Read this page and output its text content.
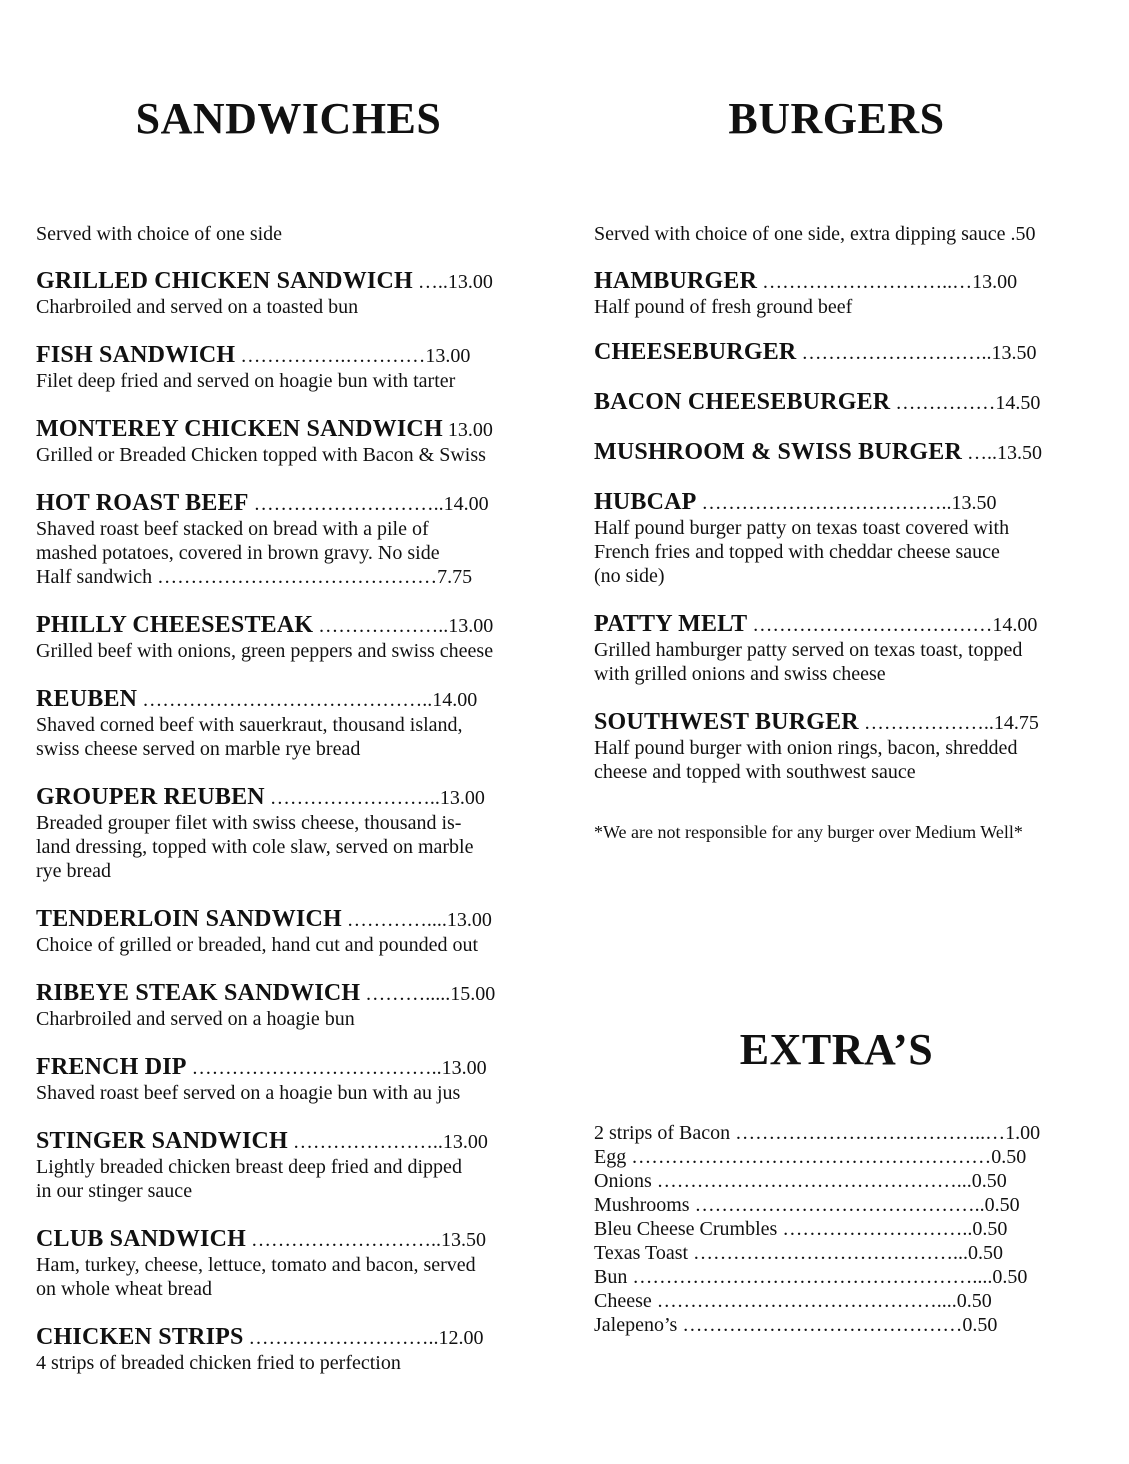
SANDWICHES
Served with choice of one side
GRILLED CHICKEN SANDWICH …..13.00
Charbroiled and served on a toasted bun
FISH SANDWICH …………….…………13.00
Filet deep fried and served on hoagie bun with tarter
MONTEREY CHICKEN SANDWICH 13.00
Grilled or Breaded Chicken topped with Bacon & Swiss
HOT ROAST BEEF ………………………..14.00
Shaved roast beef stacked on bread with a pile of
mashed potatoes, covered in brown gravy. No side
Half sandwich ……………………………………7.75
PHILLY CHEESESTEAK ………………..13.00
Grilled beef with onions, green peppers and swiss cheese
REUBEN ……………………………………..14.00
Shaved corned beef with sauerkraut, thousand island,
swiss cheese served on marble rye bread
GROUPER REUBEN ……………………..13.00
Breaded grouper filet with swiss cheese, thousand is-
land dressing, topped with cole slaw, served on marble
rye bread
TENDERLOIN SANDWICH …………....13.00
Choice of grilled or breaded, hand cut and pounded out
RIBEYE STEAK SANDWICH ……….....15.00
Charbroiled and served on a hoagie bun
FRENCH DIP ………………………………..13.00
Shaved roast beef served on a hoagie bun with au jus
STINGER SANDWICH …………………..13.00
Lightly breaded chicken breast deep fried and dipped
in our stinger sauce
CLUB SANDWICH ………………………..13.50
Ham, turkey, cheese, lettuce, tomato and bacon, served
on whole wheat bread
CHICKEN STRIPS ………………………..12.00
4 strips of breaded chicken fried to perfection
BURGERS
Served with choice of one side, extra dipping sauce .50
HAMBURGER ………………………..…13.00
Half pound of fresh ground beef
CHEESEBURGER ………………………..13.50
BACON CHEESEBURGER ……………14.50
MUSHROOM & SWISS BURGER …..13.50
HUBCAP ………………………………..13.50
Half pound burger patty on texas toast covered with
French fries and topped with cheddar cheese sauce
(no side)
PATTY MELT ………………………………14.00
Grilled hamburger patty served on texas toast, topped
with grilled onions and swiss cheese
SOUTHWEST BURGER ………………..14.75
Half pound burger with onion rings, bacon, shredded
cheese and topped with southwest sauce
*We are not responsible for any burger over Medium Well*
EXTRA’S
2 strips of Bacon ………………………………..…1.00
Egg ………………………………………………0.50
Onions ………………………………………...0.50
Mushrooms ……………………………………..0.50
Bleu Cheese Crumbles ………………………..0.50
Texas Toast …………………………………...0.50
Bun ……………………………………………....0.50
Cheese ……………………………………....0.50
Jalepeno’s ……………………………………0.50
